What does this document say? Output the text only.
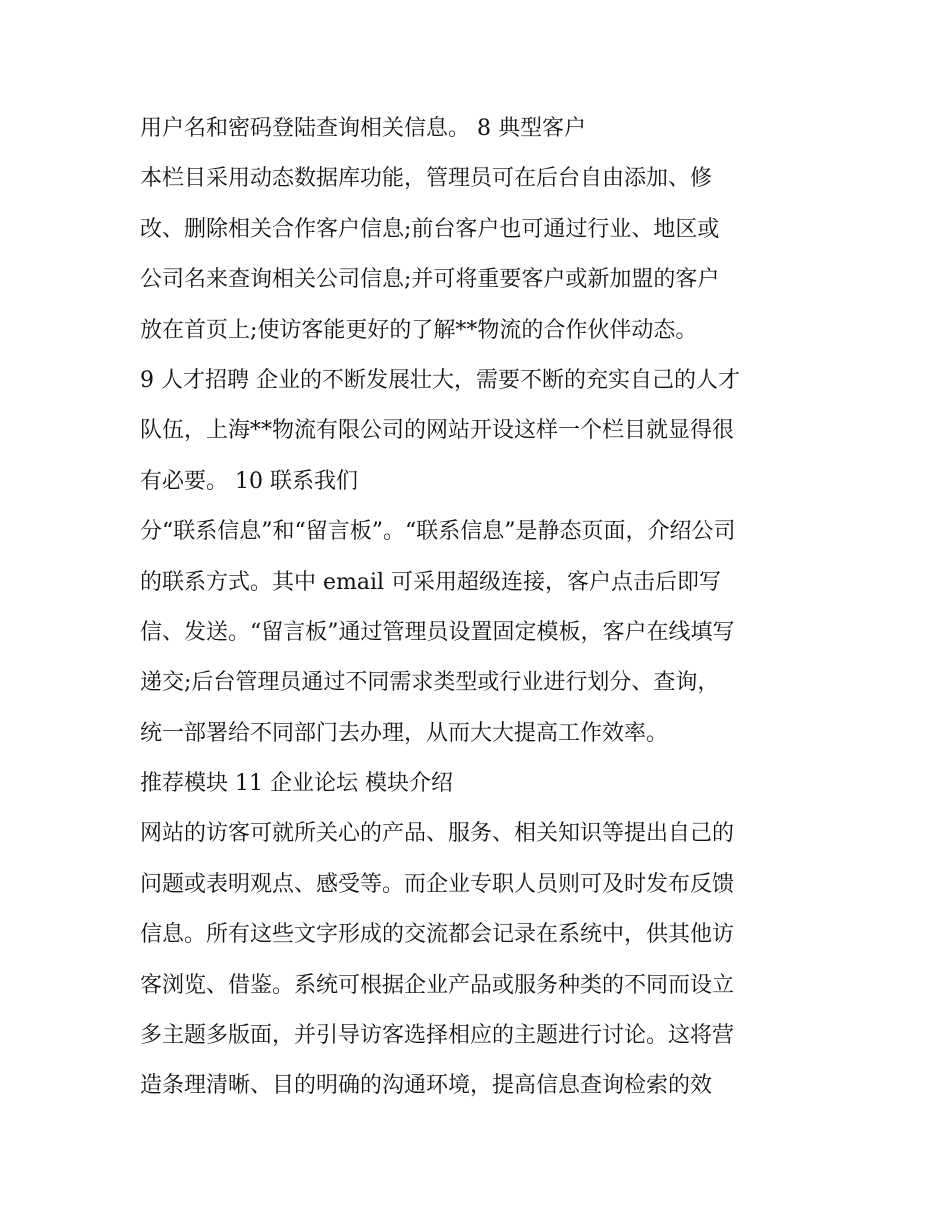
用户名和密码登陆查询相关信息。 8 典型客户
本栏目采用动态数据库功能，管理员可在后台自由添加、修
改、删除相关合作客户信息;前台客户也可通过行业、地区或
公司名来查询相关公司信息;并可将重要客户或新加盟的客户
放在首页上;使访客能更好的了解**物流的合作伙伴动态。
9 人才招聘 企业的不断发展壮大，需要不断的充实自己的人才
队伍，上海**物流有限公司的网站开设这样一个栏目就显得很
有必要。 10 联系我们
分“联系信息”和“留言板”。“联系信息”是静态页面，介绍公司
的联系方式。其中 email 可采用超级连接，客户点击后即写
信、发送。“留言板”通过管理员设置固定模板，客户在线填写
递交;后台管理员通过不同需求类型或行业进行划分、查询，
统一部署给不同部门去办理，从而大大提高工作效率。
推荐模块 11 企业论坛 模块介绍
网站的访客可就所关心的产品、服务、相关知识等提出自己的
问题或表明观点、感受等。而企业专职人员则可及时发布反馈
信息。所有这些文字形成的交流都会记录在系统中，供其他访
客浏览、借鉴。系统可根据企业产品或服务种类的不同而设立
多主题多版面，并引导访客选择相应的主题进行讨论。这将营
造条理清晰、目的明确的沟通环境，提高信息查询检索的效
